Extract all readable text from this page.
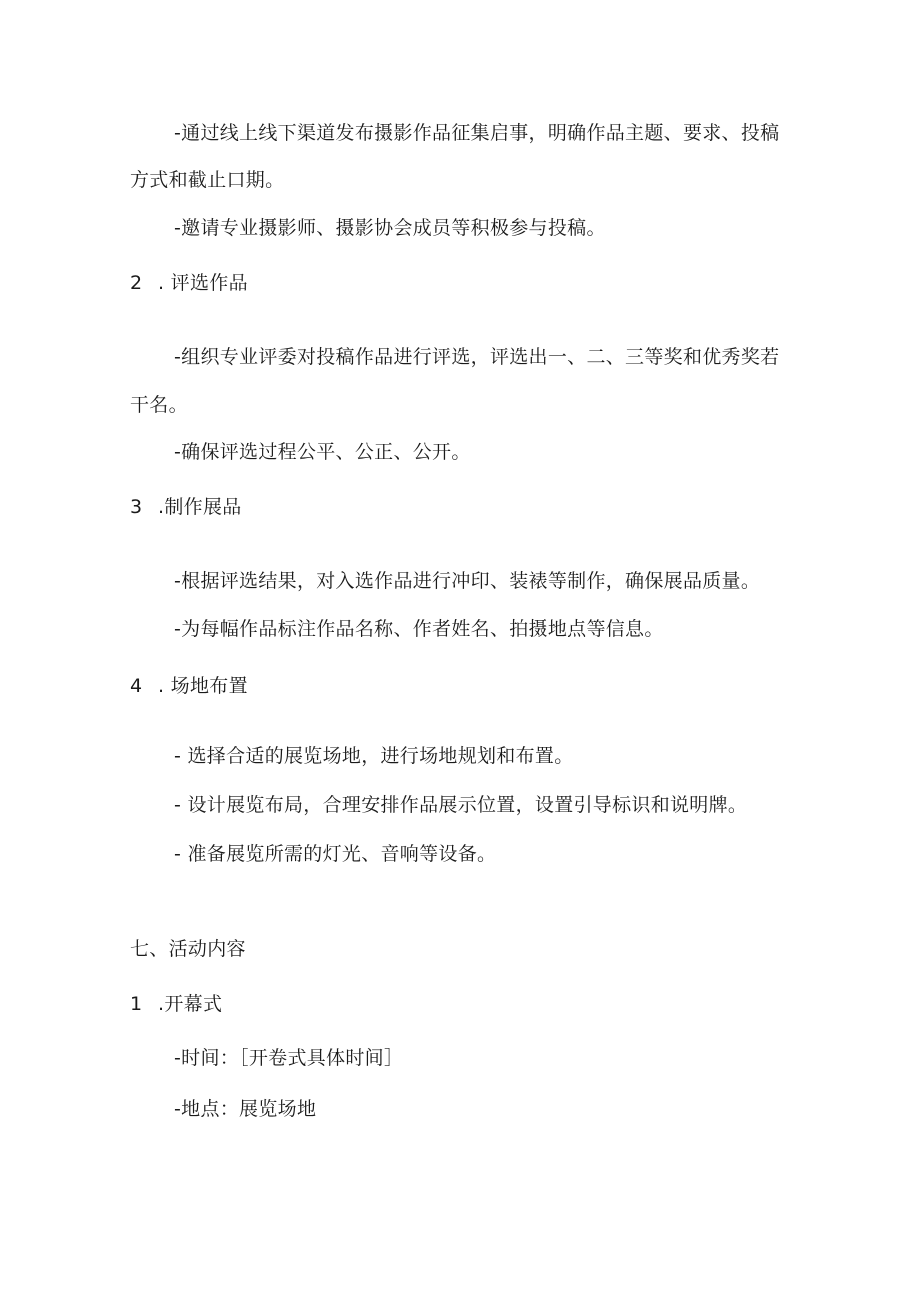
-通过线上线下渠道发布摄影作品征集启事，明确作品主题、要求、投稿
方式和截止口期。
-邀请专业摄影师、摄影协会成员等积极参与投稿。
2 . 评选作品
-组织专业评委对投稿作品进行评选，评选出一、二、三等奖和优秀奖若
干名。
-确保评选过程公平、公正、公开。
3 .制作展品
-根据评选结果，对入选作品进行冲印、装裱等制作，确保展品质量。
-为每幅作品标注作品名称、作者姓名、拍摄地点等信息。
4 . 场地布置
- 选择合适的展览场地，进行场地规划和布置。
- 设计展览布局，合理安排作品展示位置，设置引导标识和说明牌。
- 准备展览所需的灯光、音响等设备。
七、活动内容
1 .开幕式
-时间：［开卷式具体时间］
-地点：展览场地
